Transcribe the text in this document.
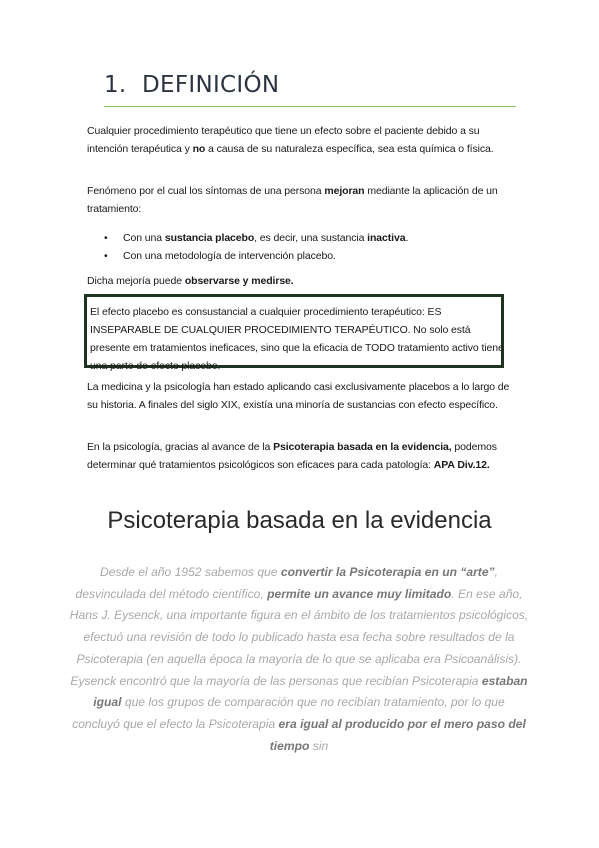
1. DEFINICIÓN

Cualquier procedimiento terapéutico que tiene un efecto sobre el paciente debido a su intención terapéutica y no a causa de su naturaleza específica, sea esta química o física.

Fenómeno por el cual los síntomas de una persona mejoran mediante la aplicación de un tratamiento:

• Con una sustancia placebo, es decir, una sustancia inactiva.
• Con una metodología de intervención placebo.

Dicha mejoría puede observarse y medirse.

El efecto placebo es consustancial a cualquier procedimiento terapéutico: ES INSEPARABLE DE CUALQUIER PROCEDIMIENTO TERAPÉUTICO. No solo está presente em tratamientos ineficaces, sino que la eficacia de TODO tratamiento activo tiene una parte de efecto placebo.

La medicina y la psicología han estado aplicando casi exclusivamente placebos a lo largo de su historia. A finales del siglo XIX, existía una minoría de sustancias con efecto específico.

En la psicología, gracias al avance de la Psicoterapia basada en la evidencia, podemos determinar qué tratamientos psicológicos son eficaces para cada patología: APA Div.12.

Psicoterapia basada en la evidencia
Desde el año 1952 sabemos que convertir la Psicoterapia en un “arte”, desvinculada del método científico, permite un avance muy limitado. En ese año, Hans J. Eysenck, una importante figura en el ámbito de los tratamientos psicológicos, efectuó una revisión de todo lo publicado hasta esa fecha sobre resultados de la Psicoterapia (en aquella época la mayoría de lo que se aplicaba era Psicoanálisis). Eysenck encontró que la mayoría de las personas que recibían Psicoterapia estaban igual que los grupos de comparación que no recibían tratamiento, por lo que concluyó que el efecto la Psicoterapia era igual al producido por el mero paso del tiempo sin
